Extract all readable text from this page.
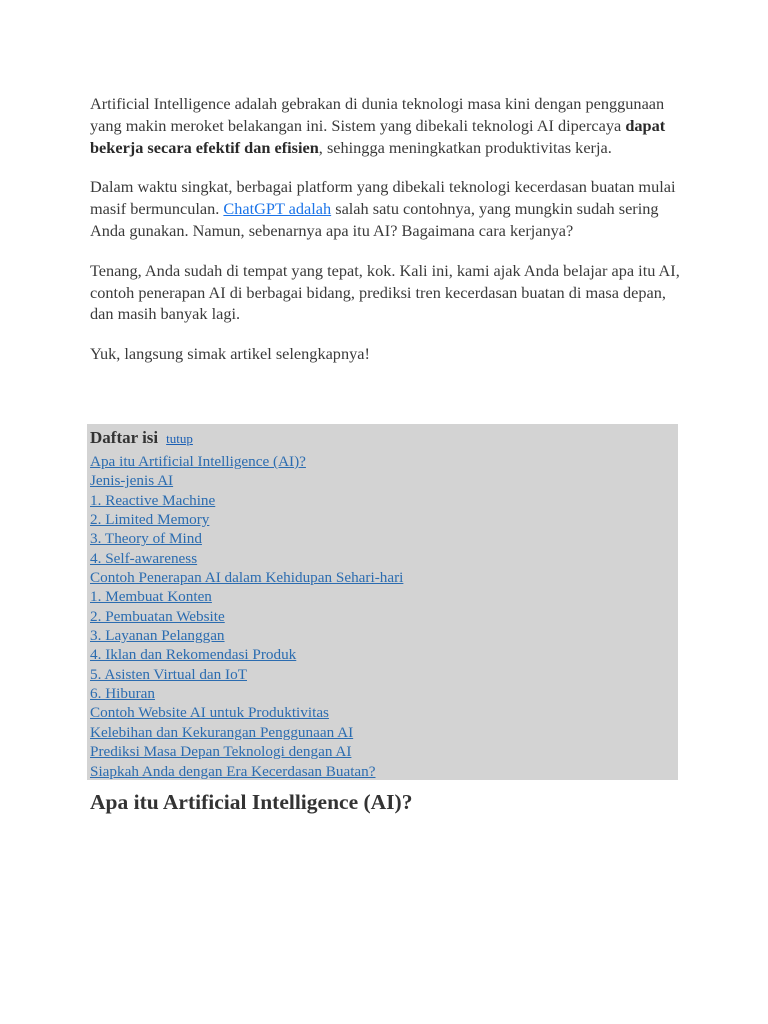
Artificial Intelligence adalah gebrakan di dunia teknologi masa kini dengan penggunaan yang makin meroket belakangan ini. Sistem yang dibekali teknologi AI dipercaya dapat bekerja secara efektif dan efisien, sehingga meningkatkan produktivitas kerja.

Dalam waktu singkat, berbagai platform yang dibekali teknologi kecerdasan buatan mulai masif bermunculan. ChatGPT adalah salah satu contohnya, yang mungkin sudah sering Anda gunakan. Namun, sebenarnya apa itu AI? Bagaimana cara kerjanya?

Tenang, Anda sudah di tempat yang tepat, kok. Kali ini, kami ajak Anda belajar apa itu AI, contoh penerapan AI di berbagai bidang, prediksi tren kecerdasan buatan di masa depan, dan masih banyak lagi.

Yuk, langsung simak artikel selengkapnya!

Daftar isi tutup
Apa itu Artificial Intelligence (AI)?
Jenis-jenis AI
1. Reactive Machine
2. Limited Memory
3. Theory of Mind
4. Self-awareness
Contoh Penerapan AI dalam Kehidupan Sehari-hari
1. Membuat Konten
2. Pembuatan Website
3. Layanan Pelanggan
4. Iklan dan Rekomendasi Produk
5. Asisten Virtual dan IoT
6. Hiburan
Contoh Website AI untuk Produktivitas
Kelebihan dan Kekurangan Penggunaan AI
Prediksi Masa Depan Teknologi dengan AI
Siapkah Anda dengan Era Kecerdasan Buatan?
Apa itu Artificial Intelligence (AI)?
